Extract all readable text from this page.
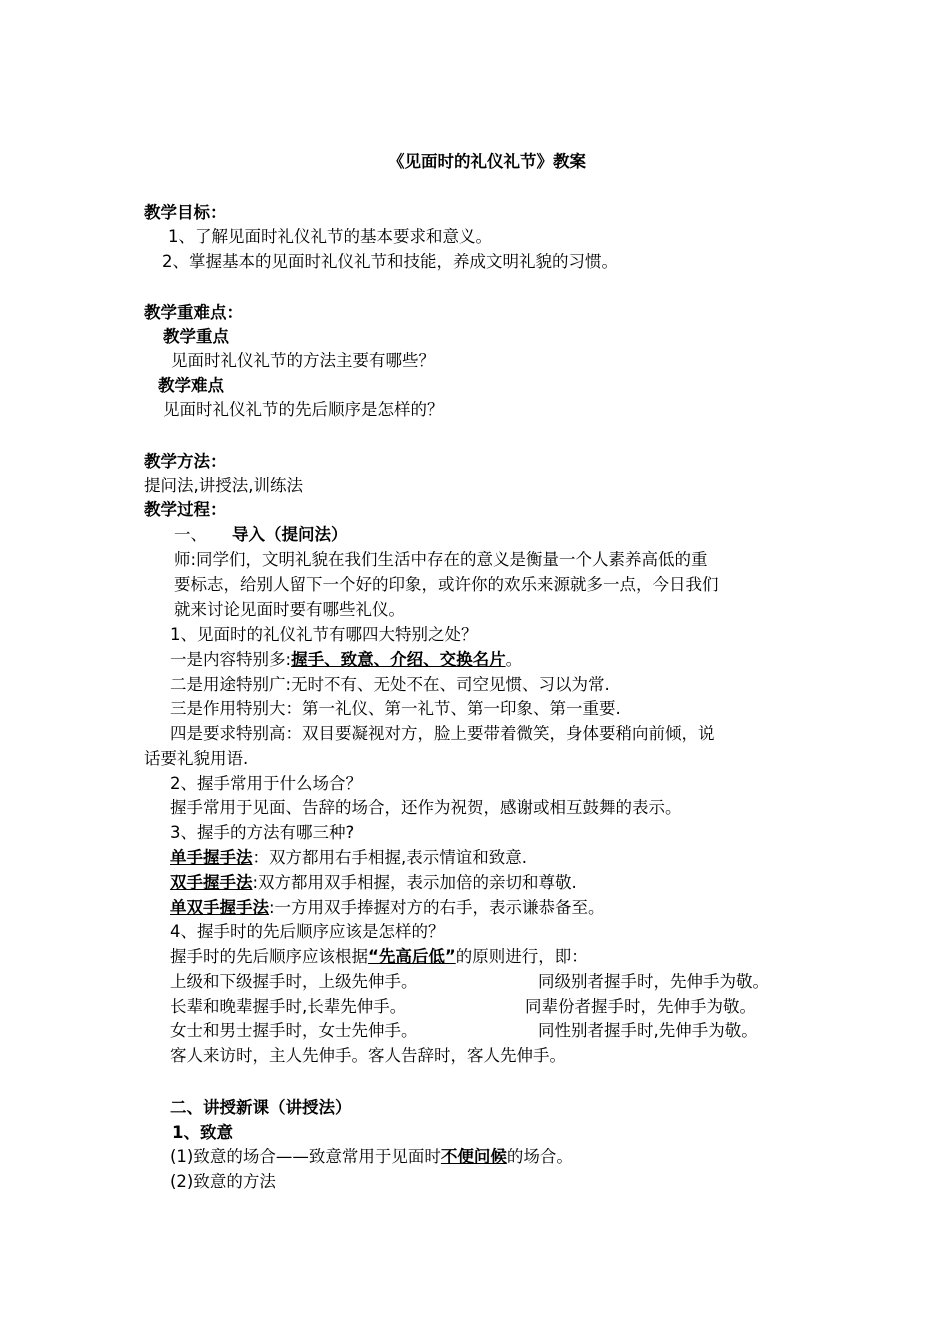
《见面时的礼仪礼节》教案
教学目标：
1、了解见面时礼仪礼节的基本要求和意义。
2、掌握基本的见面时礼仪礼节和技能，养成文明礼貌的习惯。
教学重难点：
教学重点
见面时礼仪礼节的方法主要有哪些？
教学难点
见面时礼仪礼节的先后顺序是怎样的？
教学方法：
提问法,讲授法,训练法
教学过程：
一、 导入（提问法）
师:同学们，文明礼貌在我们生活中存在的意义是衡量一个人素养高低的重
要标志，给别人留下一个好的印象，或许你的欢乐来源就多一点，今日我们
就来讨论见面时要有哪些礼仪。
1、见面时的礼仪礼节有哪四大特别之处？
一是内容特别多:握手、致意、介绍、交换名片。
二是用途特别广:无时不有、无处不在、司空见惯、习以为常.
三是作用特别大：第一礼仪、第一礼节、第一印象、第一重要.
四是要求特别高：双目要凝视对方，脸上要带着微笑，身体要稍向前倾，说
话要礼貌用语.
2、握手常用于什么场合？
握手常用于见面、告辞的场合，还作为祝贺，感谢或相互鼓舞的表示。
3、握手的方法有哪三种?
单手握手法：双方都用右手相握,表示情谊和致意.
双手握手法:双方都用双手相握，表示加倍的亲切和尊敬.
单双手握手法:一方用双手捧握对方的右手，表示谦恭备至。
4、握手时的先后顺序应该是怎样的？
握手时的先后顺序应该根据“先高后低”的原则进行，即：
上级和下级握手时，上级先伸手。	同级别者握手时，先伸手为敬。
长辈和晚辈握手时,长辈先伸手。	同辈份者握手时，先伸手为敬。
女士和男士握手时，女士先伸手。	同性别者握手时,先伸手为敬。
客人来访时，主人先伸手。客人告辞时，客人先伸手。
二、讲授新课（讲授法）
1、致意
(1)致意的场合——致意常用于见面时不便问候的场合。
(2)致意的方法
